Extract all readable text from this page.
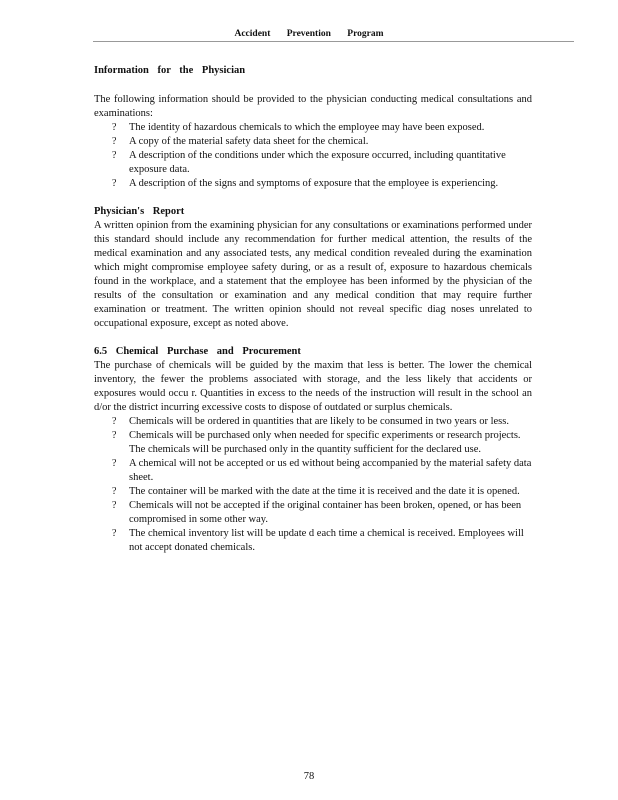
Accident Prevention Program
Information for the Physician

The following information should be provided to the physician conducting medical consultations and examinations:

? The identity of hazardous chemicals to which the employee may have been exposed.
? A copy of the material safety data sheet for the chemical.
? A description of the conditions under which the exposure occurred, including quantitative exposure data.
? A description of the signs and symptoms of exposure that the employee is experiencing.
Physician's Report

A written opinion from the examining physician for any consultations or examinations performed under this standard should include any recommendation for further medical attention, the results of the medical examination and any associated tests, any medical condition revealed during the examination which might compromise employee safety during, or as a result of, exposure to hazardous chemicals found in the workplace, and a statement that the employee has been informed by the physician of the results of the consultation or examination and any medical condition that may require further examination or treatment. The written opinion should not reveal specific diag noses unrelated to occupational exposure, except as noted above.

6.5 Chemical Purchase and Procurement

The purchase of chemicals will be guided by the maxim that less is better. The lower the chemical inventory, the fewer the problems associated with storage, and the less likely that accidents or exposures would occu r. Quantities in excess to the needs of the instruction will result in the school an d/or the district incurring excessive costs to dispose of outdated or surplus chemicals.

? Chemicals will be ordered in quantities that are likely to be consumed in two years or less.
? Chemicals will be purchased only when needed for specific experiments or research projects. The chemicals will be purchased only in the quantity sufficient for the declared use.
? A chemical will not be accepted or us ed without being accompanied by the material safety data sheet.
? The container will be marked with the date at the time it is received and the date it is opened.
? Chemicals will not be accepted if the original container has been broken, opened, or has been compromised in some other way.
? The chemical inventory list will be update d each time a chemical is received. Employees will not accept donated chemicals.
78
